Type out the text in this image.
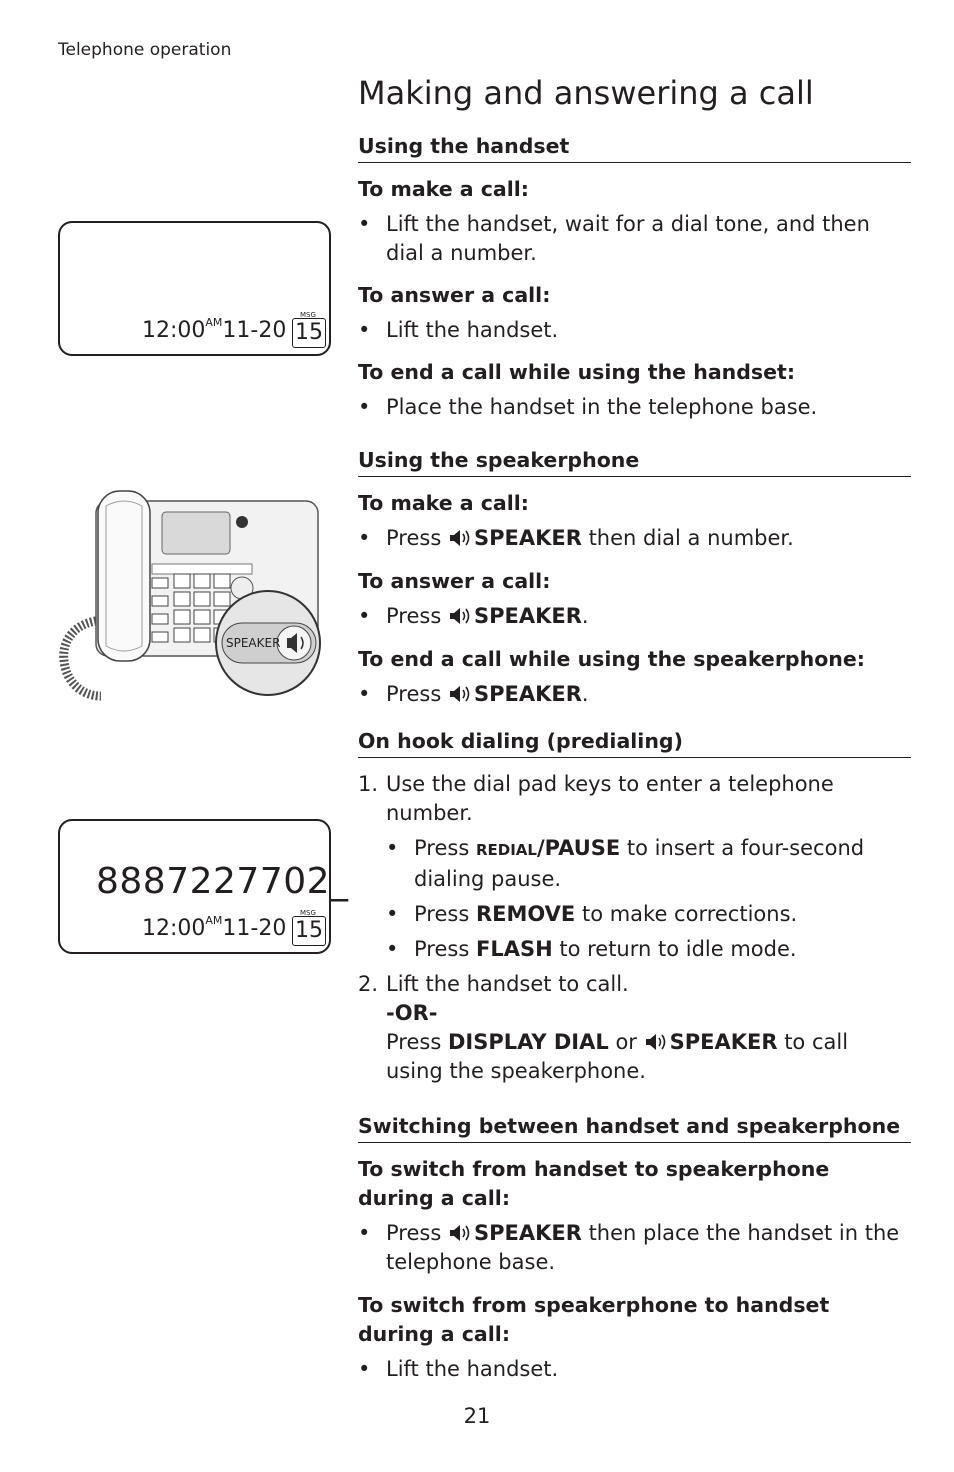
Telephone operation
Making and answering a call
$12:00^{AM}11-20$
MSG
15
SPEAKER
8887227702_
$12:00^{AM}11-20$
MSG
15
Using the handset

To make a call:

• Lift the handset, wait for a dial tone, and then dial a number.

To answer a call:

• Lift the handset.

To end a call while using the handset:

• Place the handset in the telephone base.

Using the speakerphone

To make a call:

• Press SPEAKER then dial a number.

To answer a call:

• Press SPEAKER.

To end a call while using the speakerphone:

• Press SPEAKER.

On hook dialing (predialing)

1. Use the dial pad keys to enter a telephone number.

• Press REDIAL/PAUSE to insert a four-second dialing pause.

• Press REMOVE to make corrections.

• Press FLASH to return to idle mode.

2. Lift the handset to call.
-OR-
Press DISPLAY DIAL or SPEAKER to call using the speakerphone.
Switching between handset and speakerphone

To switch from handset to speakerphone during a call:

• Press SPEAKER then place the handset in the telephone base.

To switch from speakerphone to handset during a call:

• Lift the handset.

21
